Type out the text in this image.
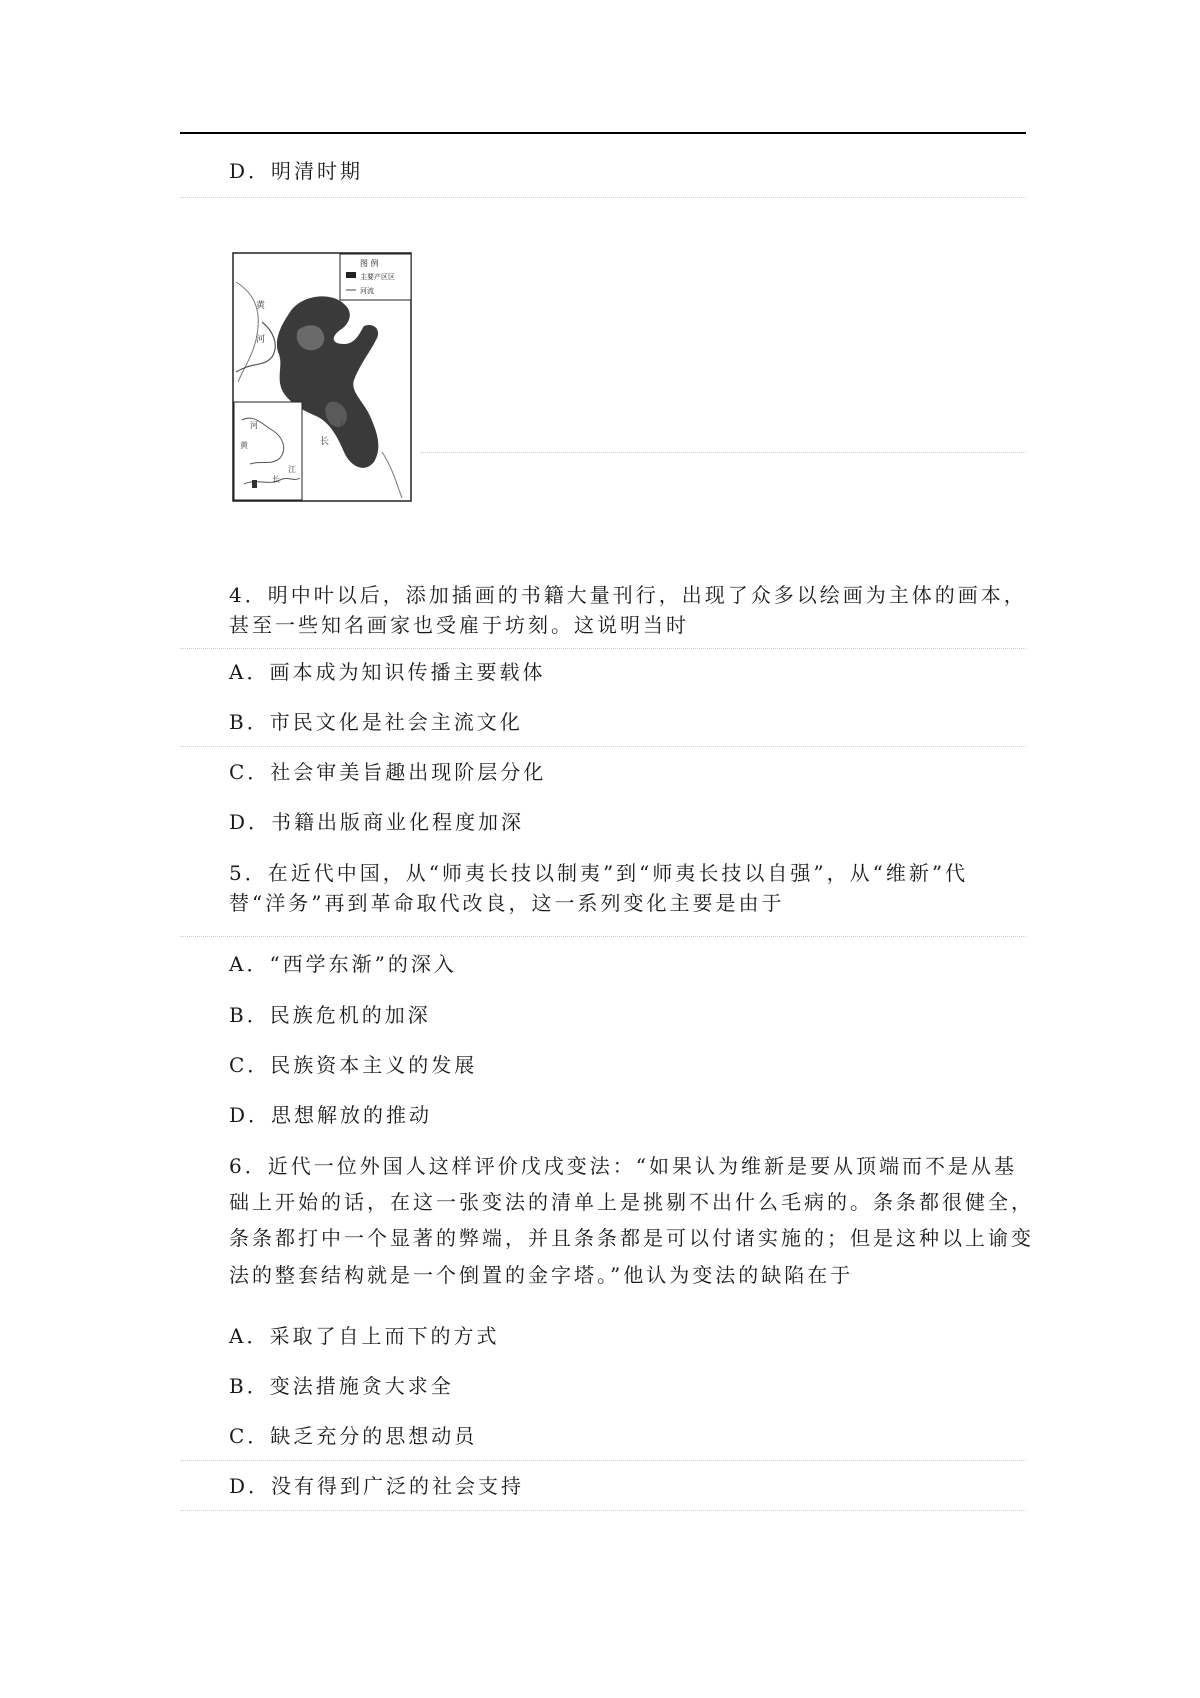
D．明清时期
图 例
主要产区区
河流
黄
河
河
黄
江
长
长
江
4．明中叶以后，添加插画的书籍大量刊行，出现了众多以绘画为主体的画本，
甚至一些知名画家也受雇于坊刻。这说明当时
A．画本成为知识传播主要载体
B．市民文化是社会主流文化
C．社会审美旨趣出现阶层分化
D．书籍出版商业化程度加深
5．在近代中国，从“师夷长技以制夷”到“师夷长技以自强”，从“维新”代
替“洋务”再到革命取代改良，这一系列变化主要是由于
A．“西学东渐”的深入
B．民族危机的加深
C．民族资本主义的发展
D．思想解放的推动
6．近代一位外国人这样评价戊戌变法：“如果认为维新是要从顶端而不是从基
础上开始的话，在这一张变法的清单上是挑剔不出什么毛病的。条条都很健全，
条条都打中一个显著的弊端，并且条条都是可以付诸实施的；但是这种以上谕变
法的整套结构就是一个倒置的金字塔。”他认为变法的缺陷在于
A．采取了自上而下的方式
B．变法措施贪大求全
C．缺乏充分的思想动员
D．没有得到广泛的社会支持
